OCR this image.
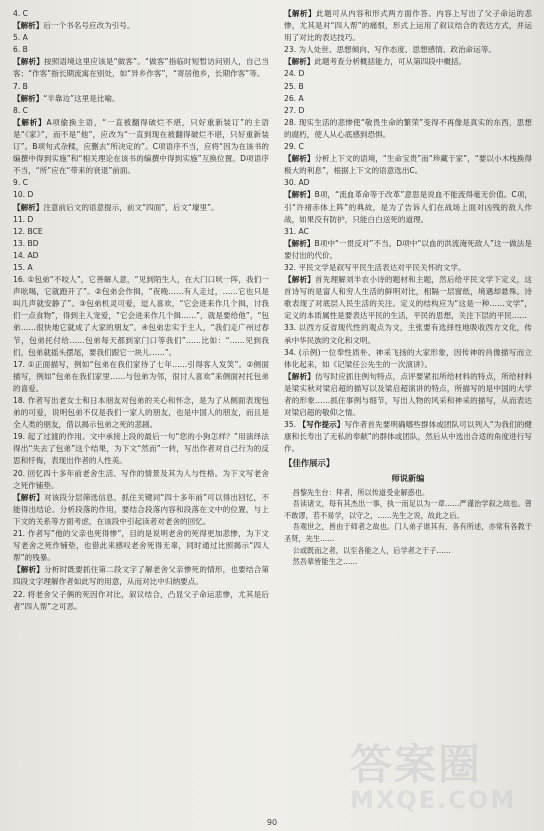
4. C

【解析】后一个书名号应改为引号。

5. A

6. B

【解析】按照语境这里应该是“做客”。“做客”指临时短暂访问别人，自己当客；“作客”指长期流寓在别处，如“异乡作客”，“寄居他乡，长期作客”等。

7. B

【解析】“半靠边”这里是比喻。

8. C

【解析】A项偷换主语，“一直被翻得破烂不堪，只好重新装订”的主语是“《家》”，而不是“他”，应改为“一直到现在被翻得破烂不堪，只好重新装订”。B项句式杂糅，应删去“所决定的”。C项语序不当，应将“因为在该书的编撰中得到实施”和“相关理论在该书的编撰中得到实施”互换位置。D项语序不当，“所”应在“带来的衰退”前面。

9. C

10. D

【解析】注意前后文的语意提示，前文“四面”，后文“壕里”。

11. D

12. BCE

13. BD

14. AD

15. A

16. ①包弟“不咬人”，它善解人意，“见到陌生人，在大门口吠一阵，我们一声吆喝，它就跑开了”。②包弟会作揖，“夜晚……有人走过，……它也只是叫几声就安静了”。③包弟机灵可爱，逗人喜欢，“它会进来作几个揖，讨我们一点食物”，得到主人宠爱，“它会进来作几个揖……”，就是要给他”，“包弟……很快地它就成了大家的朋友”。④包弟忠实于主人，“我们走广州过春节，包弟托付给……包弟每天都到家门口等我们”……比如：“……见到我们，包弟就摇头摆尾，要我们跟它一块儿……”。

17. ①正面描写，例如“包弟在我们家待了七年……引得客人发笑”。②侧面描写，例如“包弟在我们家里……与包弟为邻，很讨人喜欢”来侧面衬托包弟的喜爱。

18. 作者写出老女士和日本朋友对包弟的关心和怀念，是为了从侧面表现包弟的可爱，说明包弟不仅是我们一家人的朋友，也是中国人的朋友，而且是全人类的朋友，借以揭示包弟之死的悲剧。

19. 起了过渡的作用。文中承接上段的最后一句“您的小狗怎样？”用演绎法得出“失去了包弟”这个结果，为下文“然而”一转，写出作者对自己行为的反思和忏悔，表现出作者的人性美。

20. 回忆四十多年前老舍生活、写作的情景及其为人与性格。为下文写老舍之死作铺垫。

【解析】对该段分层筛选信息，抓住关键词“四十多年前”可以得出回忆，不能得出结论。分析段落的作用，要结合段落内容和段落在文中的位置，与上下文的关系等方面考虑，在该段中引起读者对老舍的回忆。

21. 作者写“他的父亲也死得惨”，目的是说明老舍的死得更加悲惨，为下文写老舍之死作铺垫，也借此来感叹老舍死得无辜，同时通过比照揭示“四人帮”的残暴。

【解析】分析时既要抓住第二段文字了解老舍父亲惨死的情形，也要结合第四段文字理解作者如此写的用意，从而对比中归纳要点。

22. 将老舍父子俩的死因作对比，叙议结合，凸显父子命运悲惨，尤其是后者“四人帮”之可恶。

【解析】此题可从内容和形式两方面作答。内容上写出了父子命运的悲惨，尤其是对“四人帮”的痛恨，形式上运用了叙议结合的表达方式，并运用了对比的表达技巧。

23. 为人处世、思想倾向、写作态度、思想感情、政治命运等。

【解析】此题考查分析概括能力，可从第四段中概括。

24. D

25. B

26. A

27. D

28. 现实生活的悲惨使“敬畏生命的繁荣”变得不再像是真实的东西，思想的腐朽，使人从心底感到恐惧。

29. C

【解析】分析上下文的语境，“生命宝贵”而“珍藏于家”，“要以小木栈换得极大的利息”，根据上下文的语意选出C。

30. AD

【解析】B项，“流血革命等于改革”意思是说血不能流得毫无价值。C项，引“许褚赤体上阵”的典故，是为了告诉人们在战场上面对凶残的敌人作战，如果没有防护，只能白白送死的道理。

31. AC

【解析】B项中“一贯反对”不当。D项中“以血的洪流淹死敌人”这一做法是要付出的代价。

32. 平民文学是叙写平民生活表达对平民关怀的文学。

【解析】首先理解刘半农小诗的题材和主题，然后给平民文学下定义，这首诗写的是富人和穷人生活的鲜明对比，相隔一层窗纸，境遇却悬殊。诗歌表现了对底层人民生活的关注。定义的结构应为“这是一种……文学”，定义的本质属性是要表达平民的生活，平民的思想，关注下层的平民……

33. 以西方反省现代性的观点为文，主张要有选择性地吸收西方文化，传承中华民族的文化和文明。

34. (示例)一位奉性质朴、神采飞扬的大家形象，因传神的肖像描写而立体化起来，如《记梁任公先生的一次演讲》。

【解析】仿写时应抓住例句特点，点评要紧扣所给材料的特点，所给材料是梁实秋对梁启超的描写以及梁启超演讲的特点，所描写的是中国的大学者的形象……抓住事例与细节，写出人物的风采和神采的描写，从而表达对梁启超的敬仰之情。

35. 【写作提示】写作者首先要明确哪些群体或团队可以列入“为我们的健康和长寿出了无私的奉献”的群体或团队，然后从中选出合适的角度进行写作。

【佳作展示】
师说新编

昌黎先生台：拜者，所以传道受业解惑也。

吾读诸文，每有其杰出一事，执一而足以为一章……严谨治学叙之故也。曾不敢谬，若不易学，以守之，……先生之说，故此之后。

吾观世之，皆由于师者之故也。门人弟子谁其有，各有所述，亦常有各教于圣贤，先生……

公或既而之者，以至各能之人，后学者之于子……

然吾辈皆能生之……

答案圈
MXQE.COM
90
